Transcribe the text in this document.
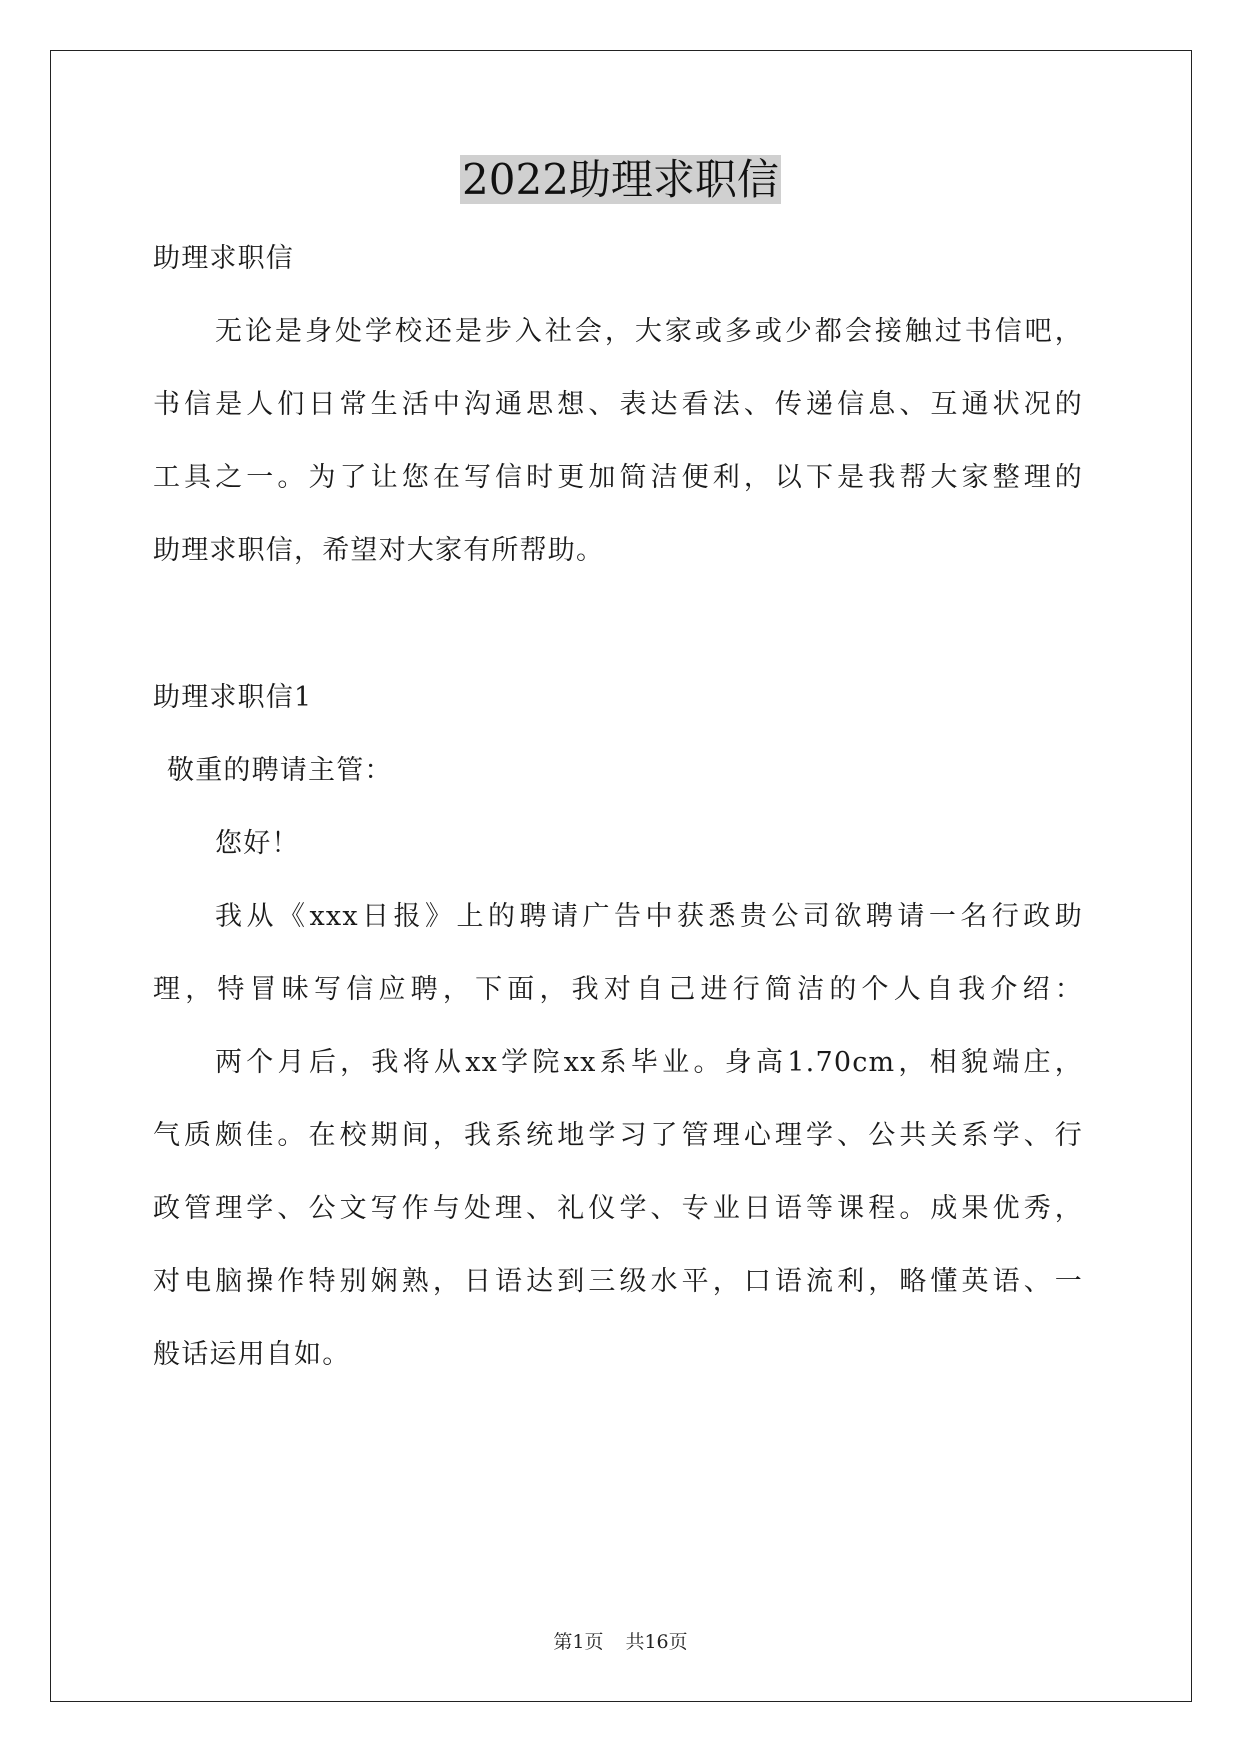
2022助理求职信
助理求职信
无论是身处学校还是步入社会，大家或多或少都会接触过书信吧，
书信是人们日常生活中沟通思想、表达看法、传递信息、互通状况的
工具之一。为了让您在写信时更加简洁便利，以下是我帮大家整理的
助理求职信，希望对大家有所帮助。
助理求职信1
敬重的聘请主管：
您好！
我从《xxx日报》上的聘请广告中获悉贵公司欲聘请一名行政助
理，特冒昧写信应聘，下面，我对自己进行简洁的个人自我介绍：
两个月后，我将从xx学院xx系毕业。身高1.70cm，相貌端庄，
气质颇佳。在校期间，我系统地学习了管理心理学、公共关系学、行
政管理学、公文写作与处理、礼仪学、专业日语等课程。成果优秀，
对电脑操作特别娴熟，日语达到三级水平，口语流利，略懂英语、一
般话运用自如。
第1页 共16页
